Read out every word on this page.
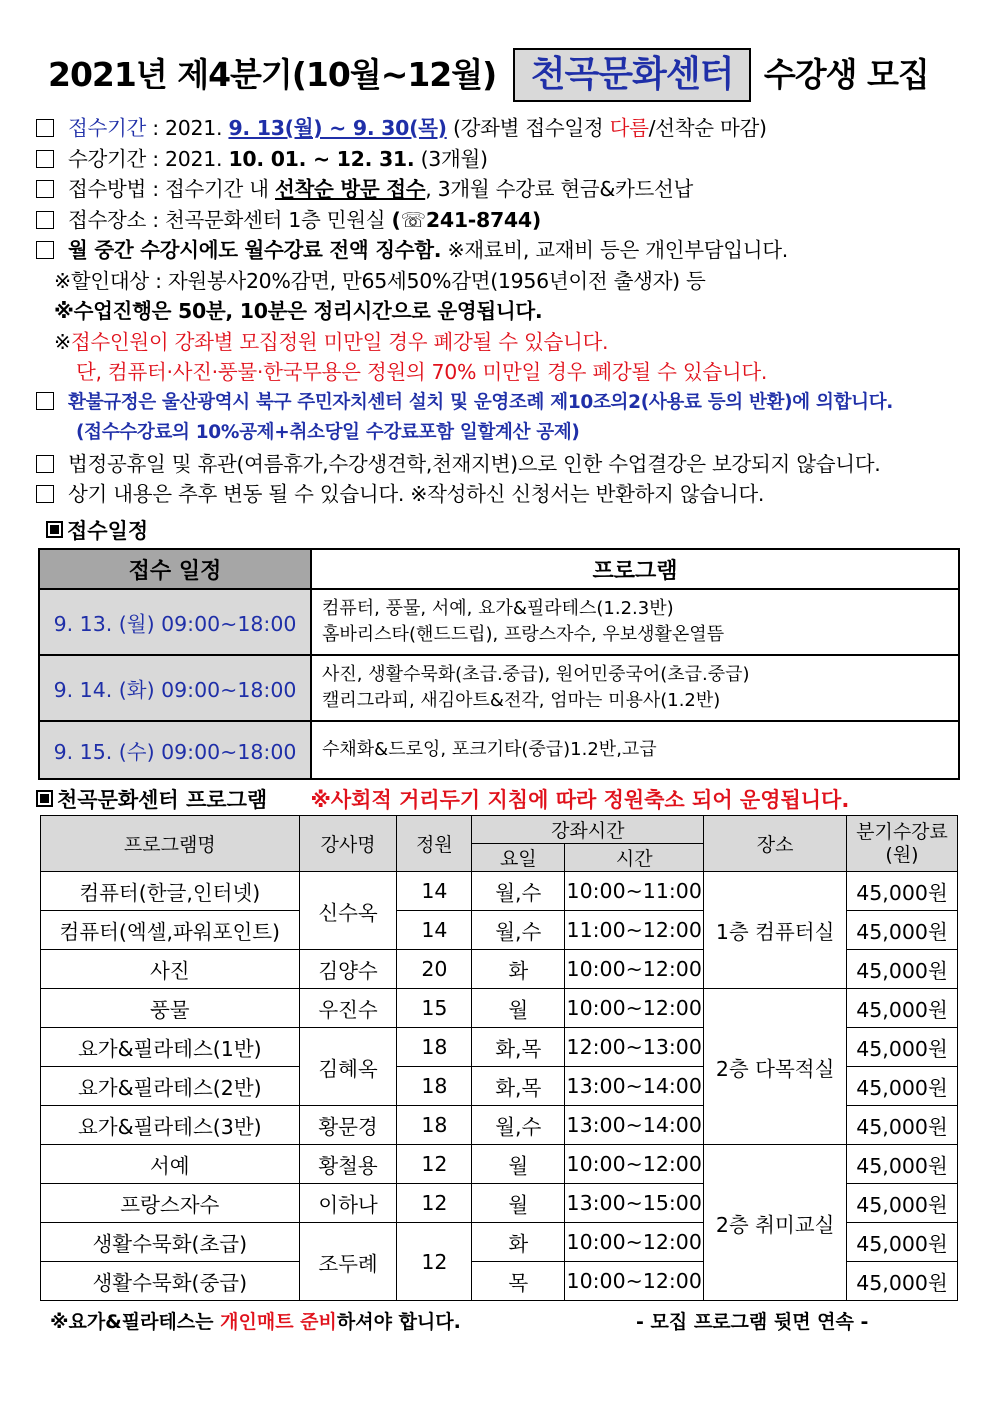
2021년 제4분기(10월~12월) 천곡문화센터 수강생 모집
접수기간 : 2021. 9. 13(월) ~ 9. 30(목) (강좌별 접수일정 다름/선착순 마감)
수강기간 : 2021. 10. 01. ~ 12. 31. (3개월)
접수방법 : 접수기간 내 선착순 방문 접수, 3개월 수강료 현금&카드선납
접수장소 : 천곡문화센터 1층 민원실 (☏241-8744)
월 중간 수강시에도 월수강료 전액 징수함. ※재료비, 교재비 등은 개인부담입니다.
※할인대상 : 자원봉사20%감면, 만65세50%감면(1956년이전 출생자) 등
※수업진행은 50분, 10분은 정리시간으로 운영됩니다.
※접수인원이 강좌별 모집정원 미만일 경우 폐강될 수 있습니다.
단, 컴퓨터·사진·풍물·한국무용은 정원의 70% 미만일 경우 폐강될 수 있습니다.
환불규정은 울산광역시 북구 주민자치센터 설치 및 운영조례 제10조의2(사용료 등의 반환)에 의합니다.
(접수수강료의 10%공제+취소당일 수강료포함 일할계산 공제)
법정공휴일 및 휴관(여름휴가,수강생견학,천재지변)으로 인한 수업결강은 보강되지 않습니다.
상기 내용은 추후 변동 될 수 있습니다. ※작성하신 신청서는 반환하지 않습니다.
접수일정
접수 일정	프로그램
9. 13. (월) 09:00~18:00	컴퓨터, 풍물, 서예, 요가&필라테스(1.2.3반)
홈바리스타(핸드드립), 프랑스자수, 우보생활온열뜸

9. 14. (화) 09:00~18:00	사진, 생활수묵화(초급.중급), 원어민중국어(초급.중급)
캘리그라피, 새김아트&전각, 엄마는 미용사(1.2반)

9. 15. (수) 09:00~18:00	수채화&드로잉, 포크기타(중급)1.2반,고급
천곡문화센터 프로그램 ※사회적 거리두기 지침에 따라 정원축소 되어 운영됩니다.
프로그램명	강사명	정원	강좌시간		장소	분기수강료
(원)

			요일	시간		
컴퓨터(한글,인터넷)	신수옥	14	월,수	10:00~11:00	1층 컴퓨터실	45,000원
컴퓨터(엑셀,파워포인트)		14	월,수	11:00~12:00		45,000원
사진	김양수	20	화	10:00~12:00		45,000원
풍물	우진수	15	월	10:00~12:00	2층 다목적실	45,000원
요가&필라테스(1반)	김혜옥	18	화,목	12:00~13:00		45,000원
요가&필라테스(2반)		18	화,목	13:00~14:00		45,000원
요가&필라테스(3반)	황문경	18	월,수	13:00~14:00		45,000원
서예	황철용	12	월	10:00~12:00	2층 취미교실	45,000원
프랑스자수	이하나	12	월	13:00~15:00		45,000원
생활수묵화(초급)	조두례	12	화	10:00~12:00		45,000원
생활수묵화(중급)			목	10:00~12:00		45,000원
※요가&필라테스는 개인매트 준비하셔야 합니다.	- 모집 프로그램 뒷면 연속 -
